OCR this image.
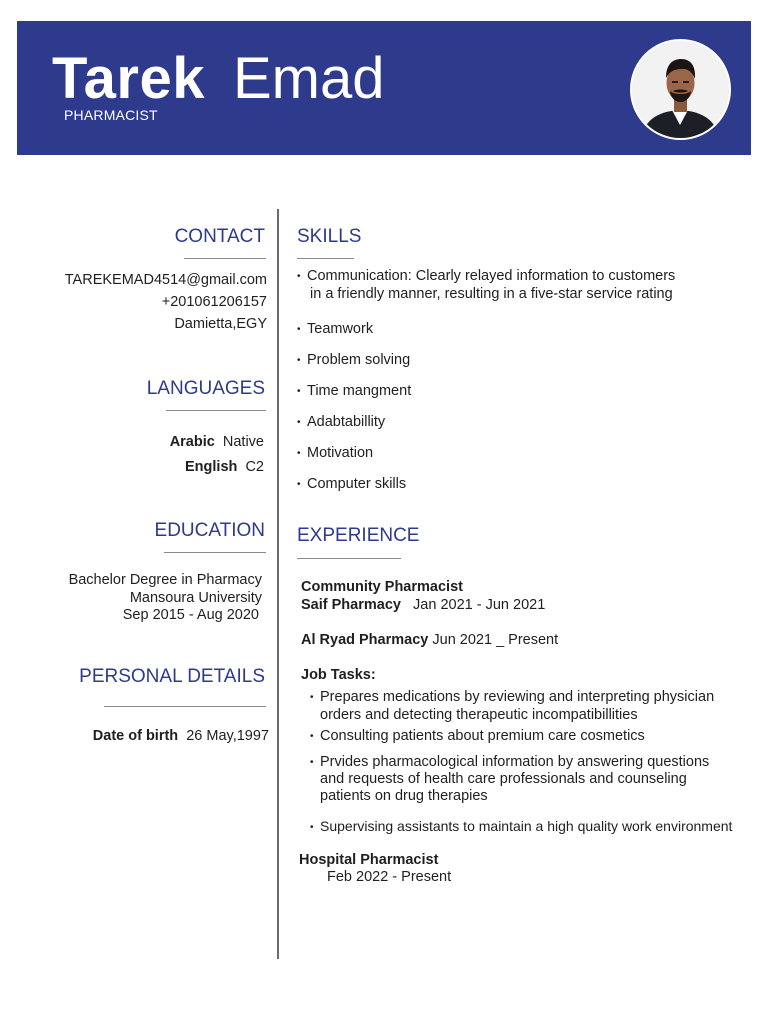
Tarek Emad
PHARMACIST
CONTACT
TAREKEMAD4514@gmail.com
+201061206157
Damietta,EGY
LANGUAGES
Arabic Native
English C2
EDUCATION
Bachelor Degree in Pharmacy
Mansoura University
Sep 2015 - Aug 2020
PERSONAL DETAILS
Date of birth 26 May,1997
SKILLS
• Communication: Clearly relayed information to customers
in a friendly manner, resulting in a five-star service rating
• Teamwork
• Problem solving
• Time mangment
• Adabtabillity
• Motivation
• Computer skills
EXPERIENCE
Community Pharmacist
Saif Pharmacy Jan 2021 - Jun 2021
Al Ryad Pharmacy Jun 2021 _ Present
Job Tasks:
• Prepares medications by reviewing and interpreting physician
orders and detecting therapeutic incompatibillities
• Consulting patients about premium care cosmetics
• Prvides pharmacological information by answering questions
and requests of health care professionals and counseling
patients on drug therapies
• Supervising assistants to maintain a high quality work environment
Hospital Pharmacist
Feb 2022 - Present
